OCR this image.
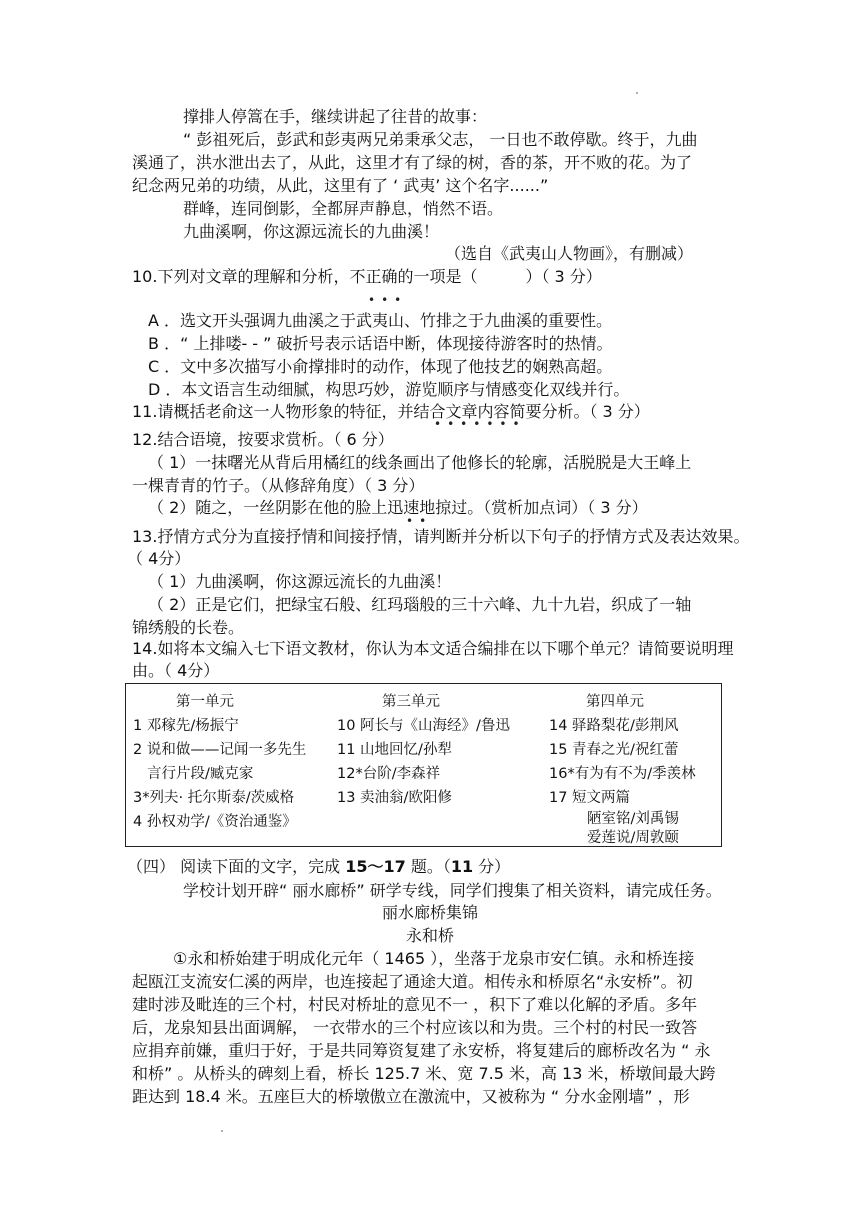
撑排人停篙在手，继续讲起了往昔的故事：
“ 彭祖死后，彭武和彭夷两兄弟秉承父志， 一日也不敢停歇。终于，九曲
溪通了，洪水泄出去了，从此，这里才有了绿的树，香的茶，开不败的花。为了
纪念两兄弟的功绩，从此，这里有了 ‘ 武夷’ 这个名字......”
群峰，连同倒影，全都屏声静息，悄然不语。
九曲溪啊，你这源远流长的九曲溪！
（选自《武夷山人物画》，有删减）
10.下列对文章的理解和分析，不正确的一项是（　　　）（ 3 分）
•••
A ．选文开头强调九曲溪之于武夷山、竹排之于九曲溪的重要性。
B ．“ 上排喽- - ” 破折号表示话语中断，体现接待游客时的热情。
C ．文中多次描写小俞撑排时的动作，体现了他技艺的娴熟高超。
D ．本文语言生动细腻，构思巧妙，游览顺序与情感变化双线并行。
11.请概括老俞这一人物形象的特征，并结合文章内容简要分析。（ 3 分）
•••••••
12.结合语境，按要求赏析。（ 6 分）
（ 1）一抹曙光从背后用橘红的线条画出了他修长的轮廓，活脱脱是大王峰上
一棵青青的竹子。（从修辞角度）（ 3 分）
（ 2）随之，一丝阴影在他的脸上迅速地掠过。（赏析加点词）（ 3 分）
••
13.抒情方式分为直接抒情和间接抒情，请判断并分析以下句子的抒情方式及表达效果。
（ 4分）
（ 1）九曲溪啊，你这源远流长的九曲溪！
（ 2）正是它们，把绿宝石般、红玛瑙般的三十六峰、九十九岩，织成了一轴
锦绣般的长卷。
14.如将本文编入七下语文教材，你认为本文适合编排在以下哪个单元？请简要说明理
由。（ 4分）
第一单元
1 邓稼先/杨振宁
2 说和做——记闻一多先生
言行片段/臧克家
3*列夫· 托尔斯泰/茨威格
4 孙权劝学/《资治通鉴》
第三单元
10 阿长与《山海经》/鲁迅
11 山地回忆/孙犁
12*台阶/李森祥
13 卖油翁/欧阳修
第四单元
14 驿路梨花/彭荆风
15 青春之光/祝红蕾
16*有为有不为/季羡林
17 短文两篇
陋室铭/刘禹锡
爱莲说/周敦颐
（四） 阅读下面的文字，完成 15～17 题。（11 分）
学校计划开辟“ 丽水廊桥” 研学专线，同学们搜集了相关资料，请完成任务。
丽水廊桥集锦
永和桥
①永和桥始建于明成化元年（ 1465 ），坐落于龙泉市安仁镇。永和桥连接
起瓯江支流安仁溪的两岸，也连接起了通途大道。相传永和桥原名“永安桥”。初
建时涉及毗连的三个村，村民对桥址的意见不一 ，积下了难以化解的矛盾。多年
后，龙泉知县出面调解， 一衣带水的三个村应该以和为贵。三个村的村民一致答
应捐弃前嫌，重归于好，于是共同筹资复建了永安桥，将复建后的廊桥改名为 “ 永
和桥” 。从桥头的碑刻上看，桥长 125.7 米、宽 7.5 米，高 13 米，桥墩间最大跨
距达到 18.4 米。五座巨大的桥墩傲立在激流中，又被称为 “ 分水金刚墙” ，形
